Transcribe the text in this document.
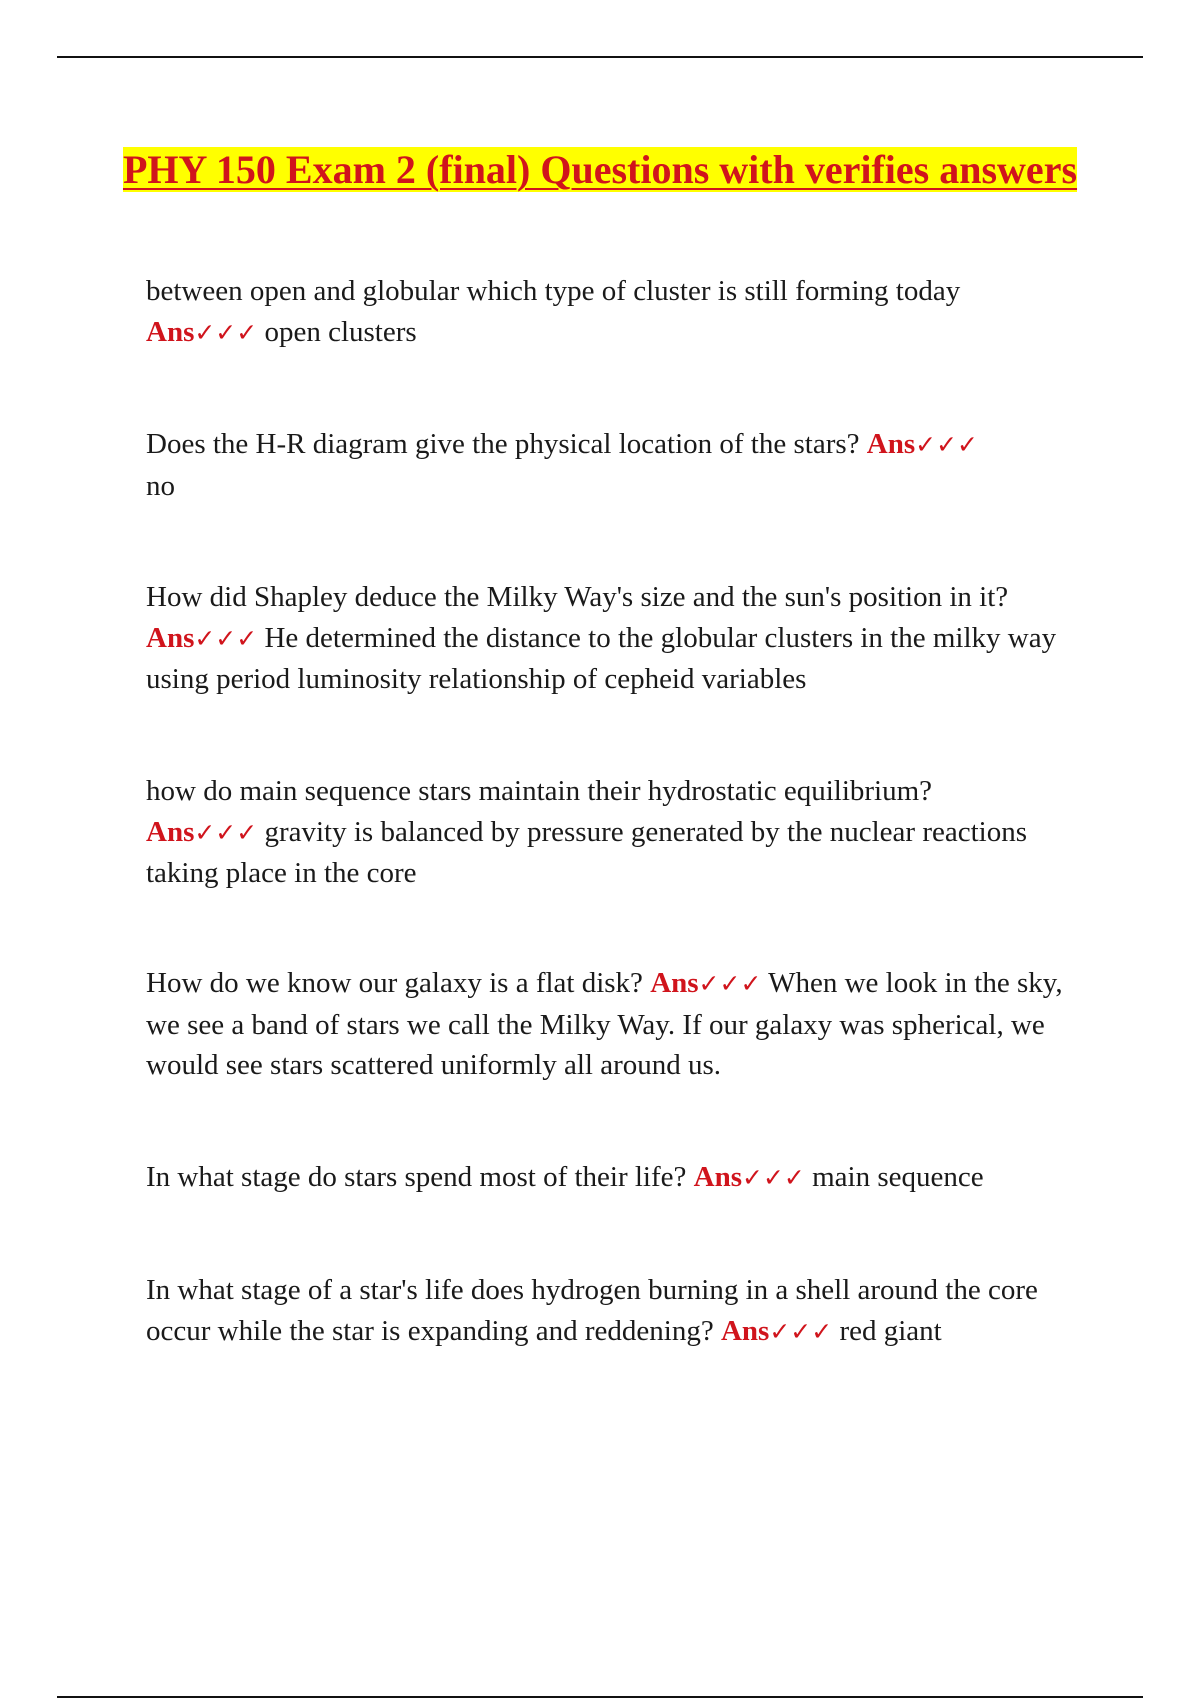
PHY 150 Exam 2 (final) Questions with verifies answers

between open and globular which type of cluster is still forming today
Ans✓✓✓ open clusters

Does the H-R diagram give the physical location of the stars? Ans✓✓✓
no

How did Shapley deduce the Milky Way's size and the sun's position in it? Ans✓✓✓ He determined the distance to the globular clusters in the milky way using period luminosity relationship of cepheid variables

how do main sequence stars maintain their hydrostatic equilibrium?
Ans✓✓✓ gravity is balanced by pressure generated by the nuclear reactions taking place in the core

How do we know our galaxy is a flat disk? Ans✓✓✓ When we look in the sky, we see a band of stars we call the Milky Way. If our galaxy was spherical, we would see stars scattered uniformly all around us.

In what stage do stars spend most of their life? Ans✓✓✓ main sequence

In what stage of a star's life does hydrogen burning in a shell around the core occur while the star is expanding and reddening? Ans✓✓✓ red giant
